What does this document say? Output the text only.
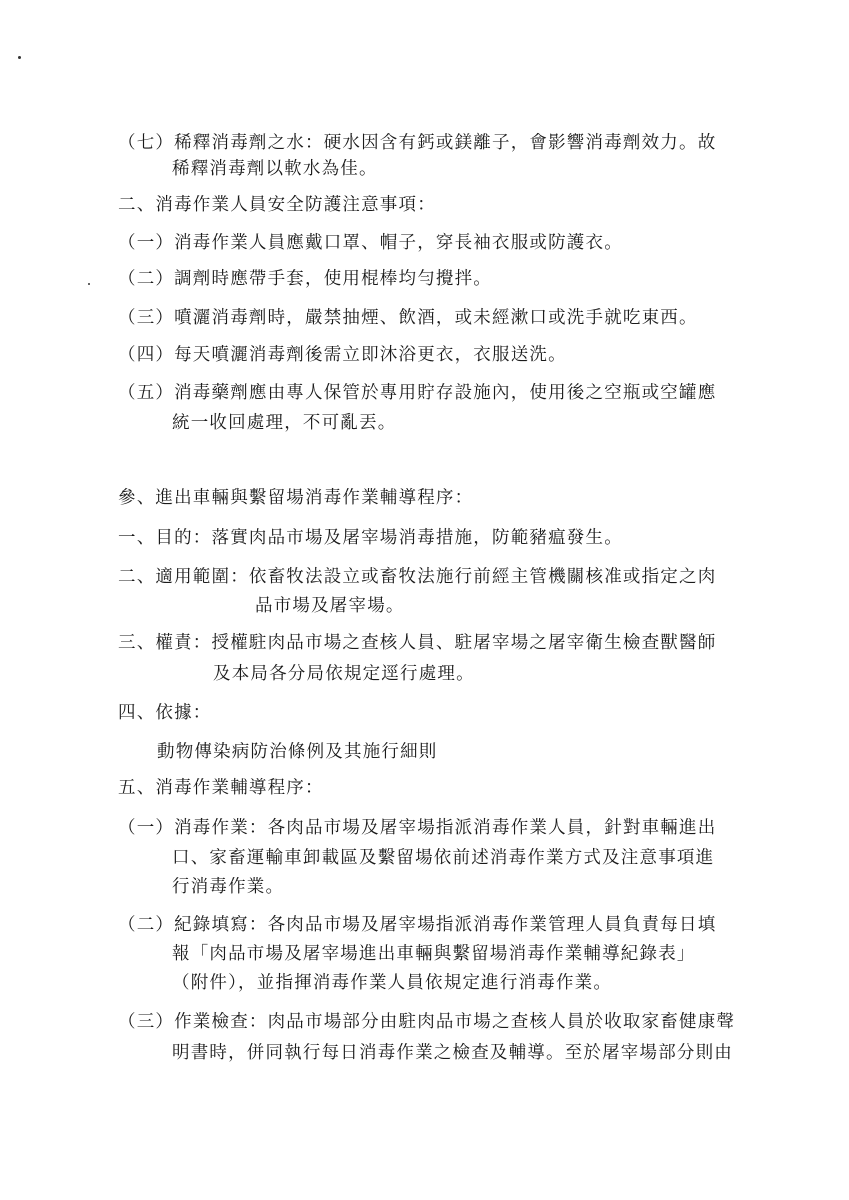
（七）稀釋消毒劑之水：硬水因含有鈣或鎂離子，會影響消毒劑效力。故
稀釋消毒劑以軟水為佳。
二、消毒作業人員安全防護注意事項：
（一）消毒作業人員應戴口罩、帽子，穿長袖衣服或防護衣。
（二）調劑時應帶手套，使用棍棒均勻攪拌。
（三）噴灑消毒劑時，嚴禁抽煙、飲酒，或未經漱口或洗手就吃東西。
（四）每天噴灑消毒劑後需立即沐浴更衣，衣服送洗。
（五）消毒藥劑應由專人保管於專用貯存設施內，使用後之空瓶或空罐應
統一收回處理，不可亂丟。
參、進出車輛與繫留場消毒作業輔導程序：
一、目的：落實肉品市場及屠宰場消毒措施，防範豬瘟發生。
二、適用範圍：依畜牧法設立或畜牧法施行前經主管機關核准或指定之肉
品市場及屠宰場。
三、權責：授權駐肉品市場之查核人員、駐屠宰場之屠宰衛生檢查獸醫師
及本局各分局依規定逕行處理。
四、依據：
動物傳染病防治條例及其施行細則
五、消毒作業輔導程序：
（一）消毒作業：各肉品市場及屠宰場指派消毒作業人員，針對車輛進出
口、家畜運輸車卸載區及繫留場依前述消毒作業方式及注意事項進
行消毒作業。
（二）紀錄填寫：各肉品市場及屠宰場指派消毒作業管理人員負責每日填
報「肉品市場及屠宰場進出車輛與繫留場消毒作業輔導紀錄表」
（附件），並指揮消毒作業人員依規定進行消毒作業。
（三）作業檢查：肉品市場部分由駐肉品市場之查核人員於收取家畜健康聲
明書時，併同執行每日消毒作業之檢查及輔導。至於屠宰場部分則由
